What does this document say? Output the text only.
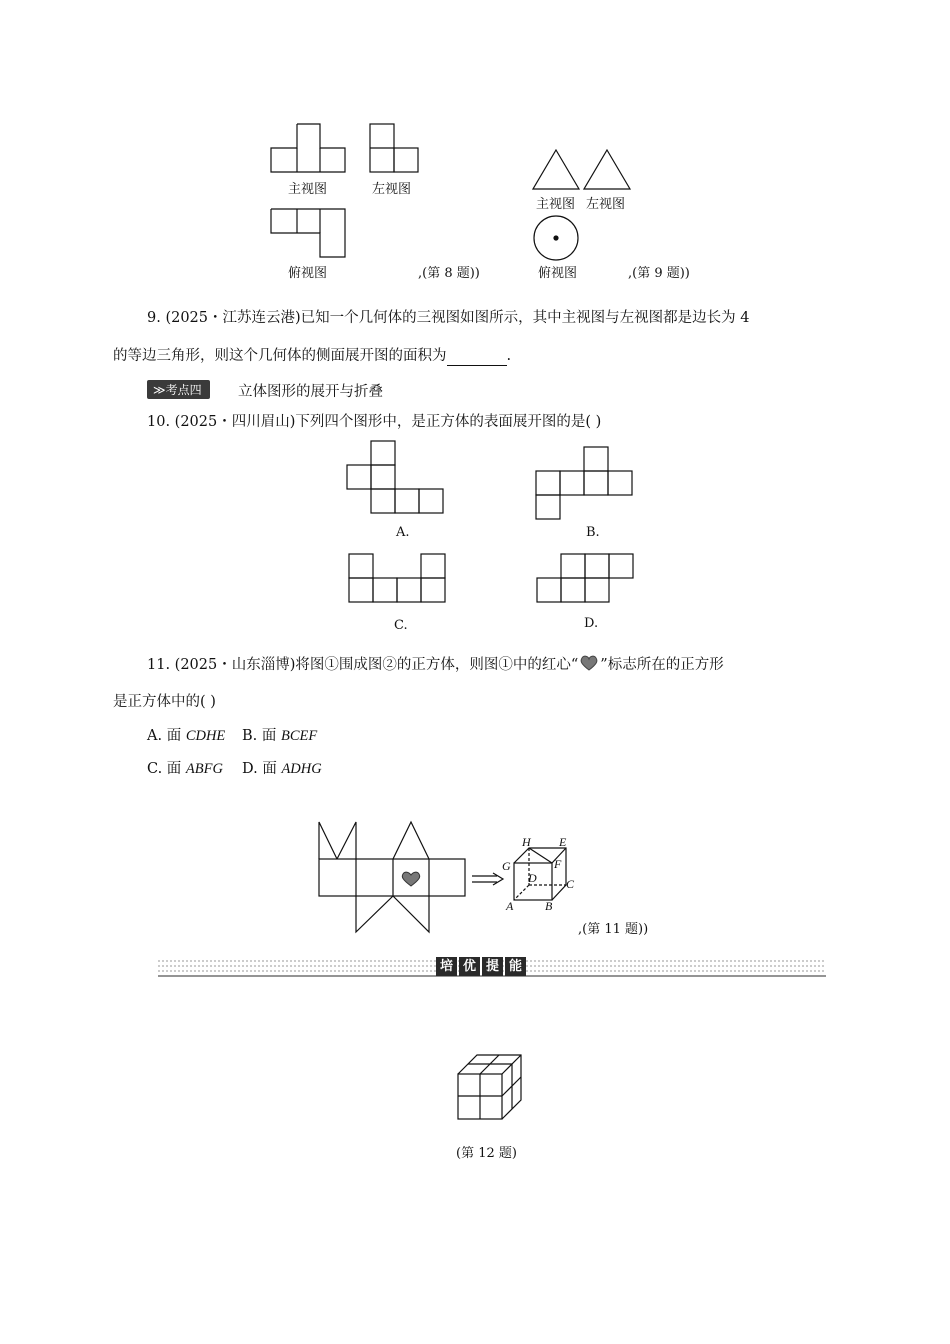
主视图	左视图
俯视图	,(第 8 题))
主视图 左视图
俯视图	,(第 9 题))
9. (2025・江苏连云港)已知一个几何体的三视图如图所示，其中主视图与左视图都是边长为 4
的等边三角形，则这个几何体的侧面展开图的面积为	.
≫考点四	立体图形的展开与折叠
10. (2025・四川眉山)下列四个图形中，是正方体的表面展开图的是( )
A.	B.
C.	D.
11. (2025・山东淄博)将图①围成图②的正方体，则图①中的红心“ ”标志所在的正方形
是正方体中的( )
A. 面 CDHE B. 面 BCEF
C. 面 ABFG D. 面 ADHG
H E
G	F
D C
A	B
,(第 11 题))
培 优 提 能
(第 12 题)
